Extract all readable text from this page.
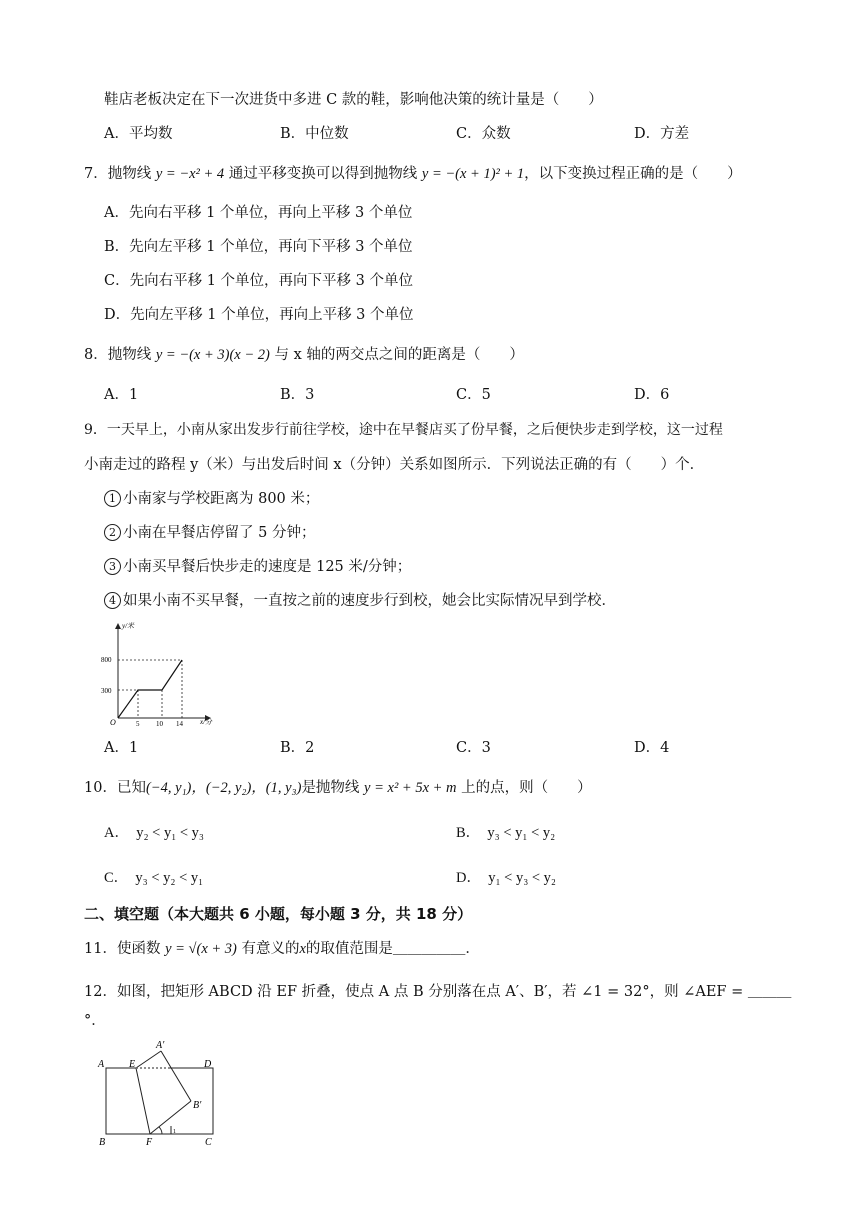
鞋店老板决定在下一次进货中多进 C 款的鞋，影响他决策的统计量是（　　）
A．平均数	B．中位数	C．众数	D．方差
7．抛物线 y = −x² + 4 通过平移变换可以得到抛物线 y = −(x + 1)² + 1，以下变换过程正确的是（　　）
A．先向右平移 1 个单位，再向上平移 3 个单位
B．先向左平移 1 个单位，再向下平移 3 个单位
C．先向右平移 1 个单位，再向下平移 3 个单位
D．先向左平移 1 个单位，再向上平移 3 个单位
8．抛物线 y = −(x + 3)(x − 2) 与 x 轴的两交点之间的距离是（　　）
A．1	B．3	C．5	D．6
9．一天早上，小南从家出发步行前往学校，途中在早餐店买了份早餐，之后便快步走到学校，这一过程
小南走过的路程 y（米）与出发后时间 x（分钟）关系如图所示．下列说法正确的有（　　）个．
1 小南家与学校距离为 800 米；
2 小南在早餐店停留了 5 分钟；
3 小南买早餐后快步走的速度是 125 米/分钟；
4 如果小南不买早餐，一直按之前的速度步行到校，她会比实际情况早到学校．
y/米
x/分
O
800
300
5 10 14
A．1	B．2	C．3	D．4
10．已知(−4, y₁)，(−2, y₂)，(1, y₃)是抛物线 y = x² + 5x + m 上的点，则（　　）
A．　y₂ < y₁ < y₃	B．　y₃ < y₁ < y₂
C．　y₃ < y₂ < y₁	D．　y₁ < y₃ < y₂
二、填空题（本大题共 6 小题，每小题 3 分，共 18 分）
11．使函数 y = √(x + 3) 有意义的x的取值范围是＿＿＿＿＿．
12．如图，把矩形 ABCD 沿 EF 折叠，使点 A 点 B 分别落在点 A′、B′，若 ∠1 = 32°，则 ∠AEF = ＿＿＿
°．
A E
A′
D
B′
B	F	C
1
